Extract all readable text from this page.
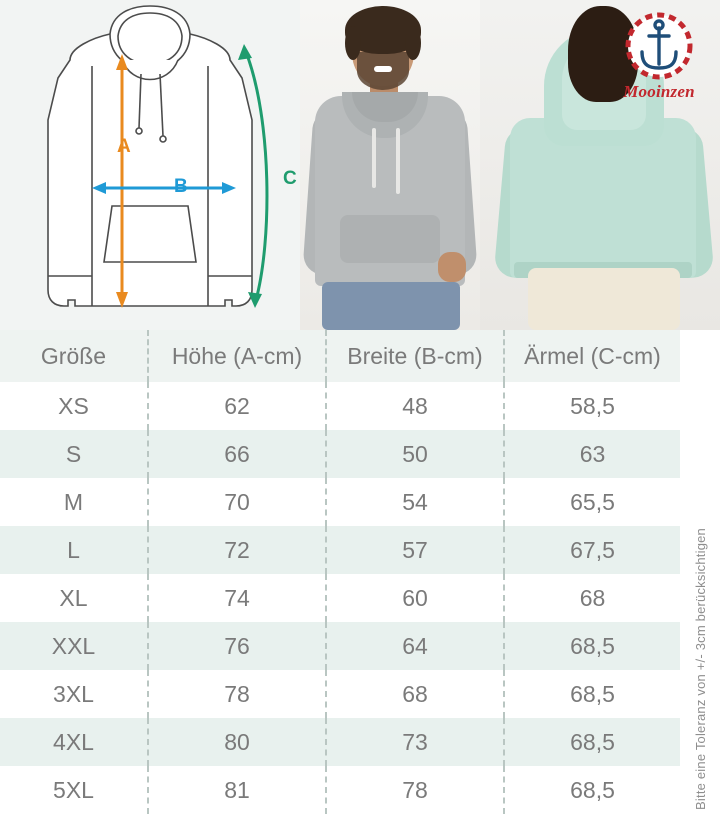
A
B	C
Mooinzen
Größe	Höhe (A-cm)	Breite (B-cm)	Ärmel (C-cm)
XS	62	48	58,5
S	66	50	63
M	70	54	65,5
L	72	57	67,5
XL	74	60	68
XXL	76	64	68,5
3XL	78	68	68,5
4XL	80	73	68,5
5XL	81	78	68,5	Bitte eine Toleranz von +/- 3cm berücksichtigen
